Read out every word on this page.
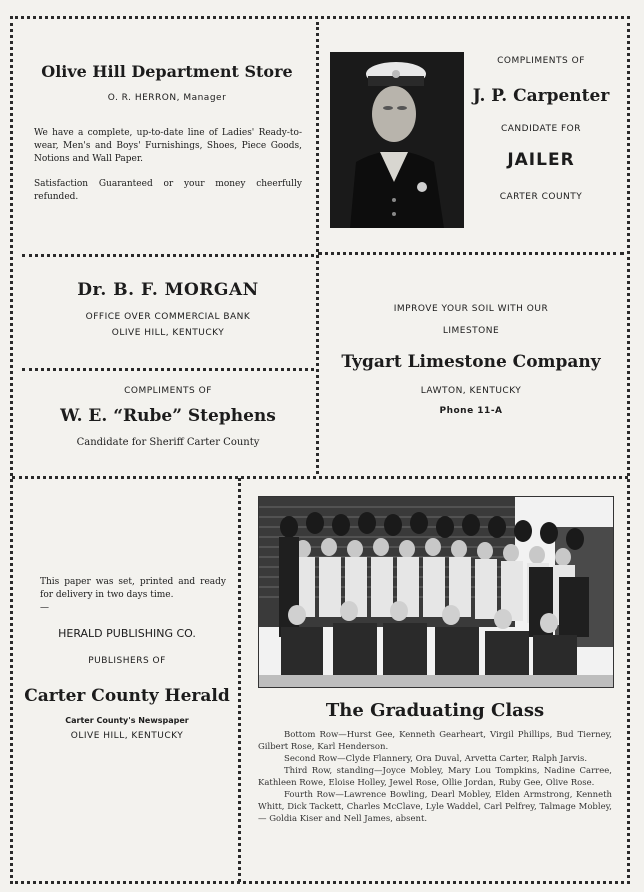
Olive Hill Department Store
O. R. HERRON, Manager
We have a complete, up-to-date line of Ladies' Ready-to-wear, Men's and Boys' Furnishings, Shoes, Piece Goods, Notions and Wall Paper.
Satisfaction Guaranteed or your money cheerfully refunded.
COMPLIMENTS OF
J. P. Carpenter
CANDIDATE FOR
JAILER
CARTER COUNTY
Dr. B. F. MORGAN
OFFICE OVER COMMERCIAL BANK
OLIVE HILL, KENTUCKY
COMPLIMENTS OF
W. E. “Rube” Stephens
Candidate for Sheriff Carter County
IMPROVE YOUR SOIL WITH OUR
LIMESTONE
Tygart Limestone Company
LAWTON, KENTUCKY
Phone 11-A
This paper was set, printed and ready for delivery in two days time.
—
HERALD PUBLISHING CO.
PUBLISHERS OF
Carter County Herald
Carter County's Newspaper
OLIVE HILL, KENTUCKY
The Graduating Class
Bottom Row—Hurst Gee, Kenneth Gearheart, Virgil Phillips, Bud Tierney, Gilbert Rose, Karl Henderson.
Second Row—Clyde Flannery, Ora Duval, Arvetta Carter, Ralph Jarvis.
Third Row, standing—Joyce Mobley, Mary Lou Tompkins, Nadine Carree, Kathleen Rowe, Eloise Holley, Jewel Rose, Ollie Jordan, Ruby Gee, Olive Rose.
Fourth Row—Lawrence Bowling, Dearl Mobley, Elden Armstrong, Kenneth Whitt, Dick Tackett, Charles McClave, Lyle Waddel, Carl Pelfrey, Talmage Mobley, — Goldia Kiser and Nell James, absent.
